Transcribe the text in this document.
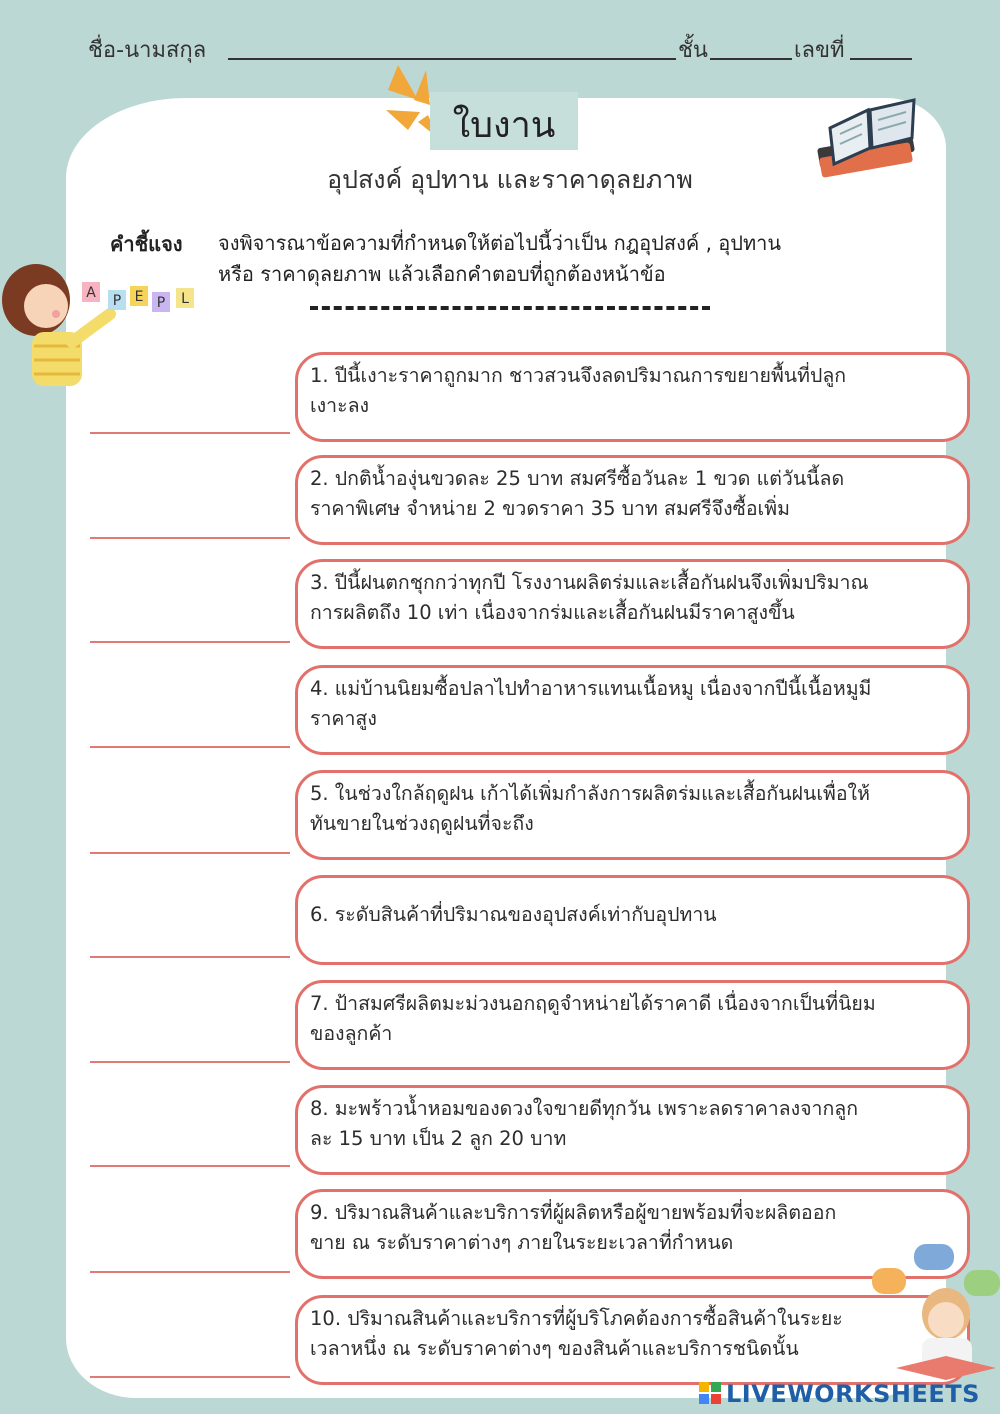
ชื่อ-นามสกุล	ชั้น	เลขที่
ใบงาน
อุปสงค์ อุปทาน และราคาดุลยภาพ
A P E P L
คำชี้แจง จงพิจารณาข้อความที่กำหนดให้ต่อไปนี้ว่าเป็น กฎอุปสงค์ , อุปทาน
หรือ ราคาดุลยภาพ แล้วเลือกคำตอบที่ถูกต้องหน้าข้อ
1. ปีนี้เงาะราคาถูกมาก ชาวสวนจึงลดปริมาณการขยายพื้นที่ปลูก
เงาะลง
2. ปกติน้ำองุ่นขวดละ 25 บาท สมศรีซื้อวันละ 1 ขวด แต่วันนี้ลด
ราคาพิเศษ จำหน่าย 2 ขวดราคา 35 บาท สมศรีจึงซื้อเพิ่ม
3. ปีนี้ฝนตกชุกกว่าทุกปี โรงงานผลิตร่มและเสื้อกันฝนจึงเพิ่มปริมาณ
การผลิตถึง 10 เท่า เนื่องจากร่มและเสื้อกันฝนมีราคาสูงขึ้น
4. แม่บ้านนิยมซื้อปลาไปทำอาหารแทนเนื้อหมู เนื่องจากปีนี้เนื้อหมูมี
ราคาสูง
5. ในช่วงใกล้ฤดูฝน เก้าได้เพิ่มกำลังการผลิตร่มและเสื้อกันฝนเพื่อให้
ทันขายในช่วงฤดูฝนที่จะถึง
6. ระดับสินค้าที่ปริมาณของอุปสงค์เท่ากับอุปทาน
7. ป้าสมศรีผลิตมะม่วงนอกฤดูจำหน่ายได้ราคาดี เนื่องจากเป็นที่นิยม
ของลูกค้า
8. มะพร้าวน้ำหอมของดวงใจขายดีทุกวัน เพราะลดราคาลงจากลูก
ละ 15 บาท เป็น 2 ลูก 20 บาท
9. ปริมาณสินค้าและบริการที่ผู้ผลิตหรือผู้ขายพร้อมที่จะผลิตออก
ขาย ณ ระดับราคาต่างๆ ภายในระยะเวลาที่กำหนด
10. ปริมาณสินค้าและบริการที่ผู้บริโภคต้องการซื้อสินค้าในระยะ
เวลาหนึ่ง ณ ระดับราคาต่างๆ ของสินค้าและบริการชนิดนั้น
LIVEWORKSHEETS
